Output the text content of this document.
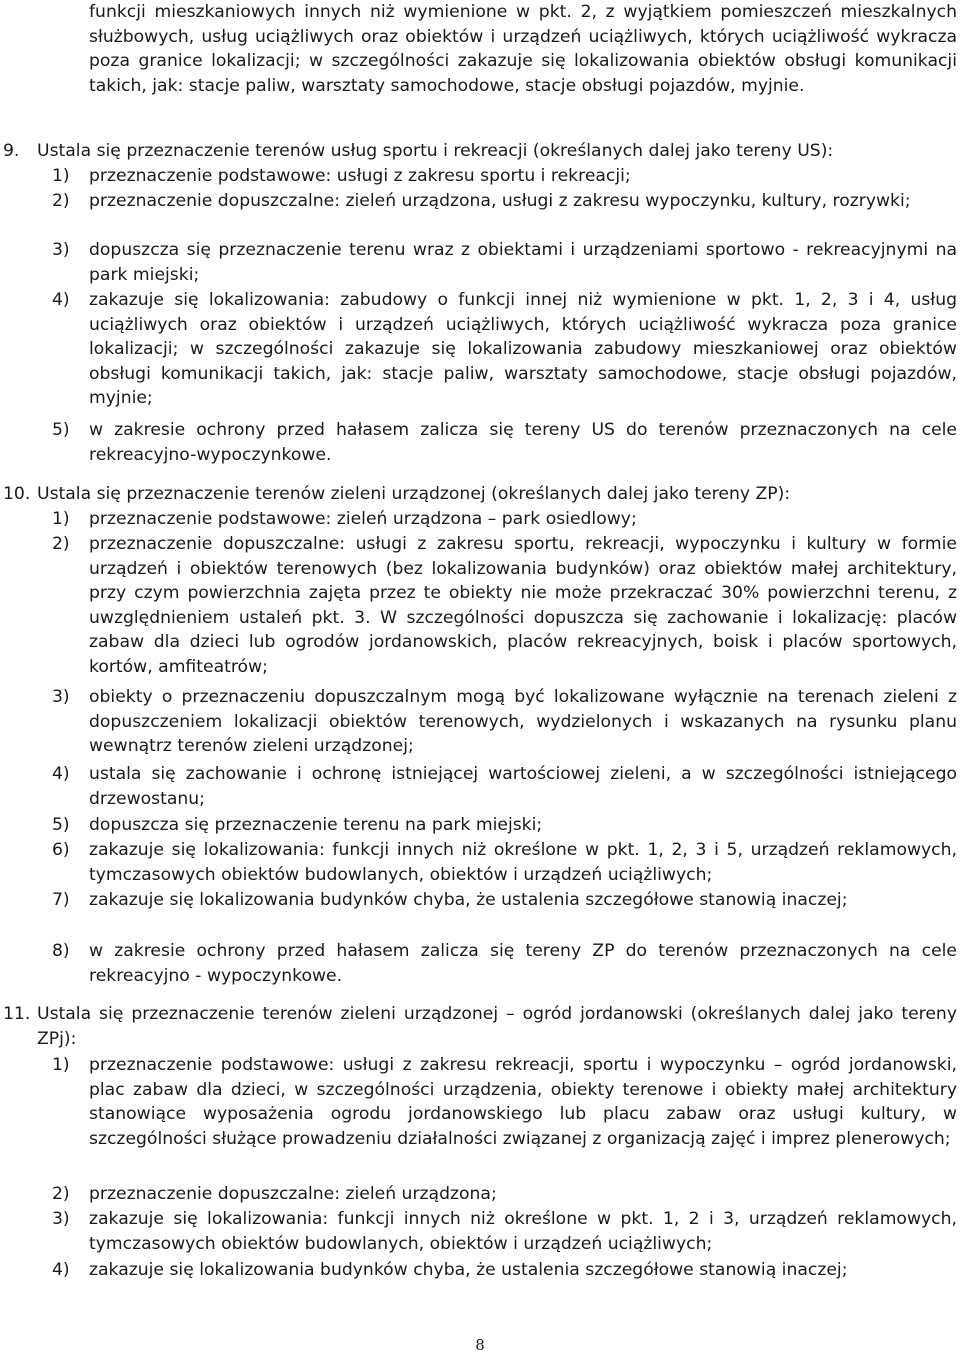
funkcji mieszkaniowych innych niż wymienione w pkt. 2, z wyjątkiem pomieszczeń mieszkalnych służbowych, usług uciążliwych oraz obiektów i urządzeń uciążliwych, których uciążliwość wykracza poza granice lokalizacji; w szczególności zakazuje się lokalizowania obiektów obsługi komunikacji takich, jak: stacje paliw, warsztaty samochodowe, stacje obsługi pojazdów, myjnie.

9. Ustala się przeznaczenie terenów usług sportu i rekreacji (określanych dalej jako tereny US):

1) przeznaczenie podstawowe: usługi z zakresu sportu i rekreacji;

2) przeznaczenie dopuszczalne: zieleń urządzona, usługi z zakresu wypoczynku, kultury, rozrywki;

3) dopuszcza się przeznaczenie terenu wraz z obiektami i urządzeniami sportowo - rekreacyjnymi na park miejski;

4) zakazuje się lokalizowania: zabudowy o funkcji innej niż wymienione w pkt. 1, 2, 3 i 4, usług uciążliwych oraz obiektów i urządzeń uciążliwych, których uciążliwość wykracza poza granice lokalizacji; w szczególności zakazuje się lokalizowania zabudowy mieszkaniowej oraz obiektów obsługi komunikacji takich, jak: stacje paliw, warsztaty samochodowe, stacje obsługi pojazdów, myjnie;

5) w zakresie ochrony przed hałasem zalicza się tereny US do terenów przeznaczonych na cele rekreacyjno-wypoczynkowe.

10. Ustala się przeznaczenie terenów zieleni urządzonej (określanych dalej jako tereny ZP):

1) przeznaczenie podstawowe: zieleń urządzona – park osiedlowy;

2) przeznaczenie dopuszczalne: usługi z zakresu sportu, rekreacji, wypoczynku i kultury w formie urządzeń i obiektów terenowych (bez lokalizowania budynków) oraz obiektów małej architektury, przy czym powierzchnia zajęta przez te obiekty nie może przekraczać 30% powierzchni terenu, z uwzględnieniem ustaleń pkt. 3. W szczególności dopuszcza się zachowanie i lokalizację: placów zabaw dla dzieci lub ogrodów jordanowskich, placów rekreacyjnych, boisk i placów sportowych, kortów, amfiteatrów;

3) obiekty o przeznaczeniu dopuszczalnym mogą być lokalizowane wyłącznie na terenach zieleni z dopuszczeniem lokalizacji obiektów terenowych, wydzielonych i wskazanych na rysunku planu wewnątrz terenów zieleni urządzonej;

4) ustala się zachowanie i ochronę istniejącej wartościowej zieleni, a w szczególności istniejącego drzewostanu;

5) dopuszcza się przeznaczenie terenu na park miejski;

6) zakazuje się lokalizowania: funkcji innych niż określone w pkt. 1, 2, 3 i 5, urządzeń reklamowych, tymczasowych obiektów budowlanych, obiektów i urządzeń uciążliwych;

7) zakazuje się lokalizowania budynków chyba, że ustalenia szczegółowe stanowią inaczej;

8) w zakresie ochrony przed hałasem zalicza się tereny ZP do terenów przeznaczonych na cele rekreacyjno - wypoczynkowe.

11. Ustala się przeznaczenie terenów zieleni urządzonej – ogród jordanowski (określanych dalej jako tereny ZPj):

1) przeznaczenie podstawowe: usługi z zakresu rekreacji, sportu i wypoczynku – ogród jordanowski, plac zabaw dla dzieci, w szczególności urządzenia, obiekty terenowe i obiekty małej architektury stanowiące wyposażenia ogrodu jordanowskiego lub placu zabaw oraz usługi kultury, w szczególności służące prowadzeniu działalności związanej z organizacją zajęć i imprez plenerowych;

2) przeznaczenie dopuszczalne: zieleń urządzona;

3) zakazuje się lokalizowania: funkcji innych niż określone w pkt. 1, 2 i 3, urządzeń reklamowych, tymczasowych obiektów budowlanych, obiektów i urządzeń uciążliwych;

4) zakazuje się lokalizowania budynków chyba, że ustalenia szczegółowe stanowią inaczej;

8
